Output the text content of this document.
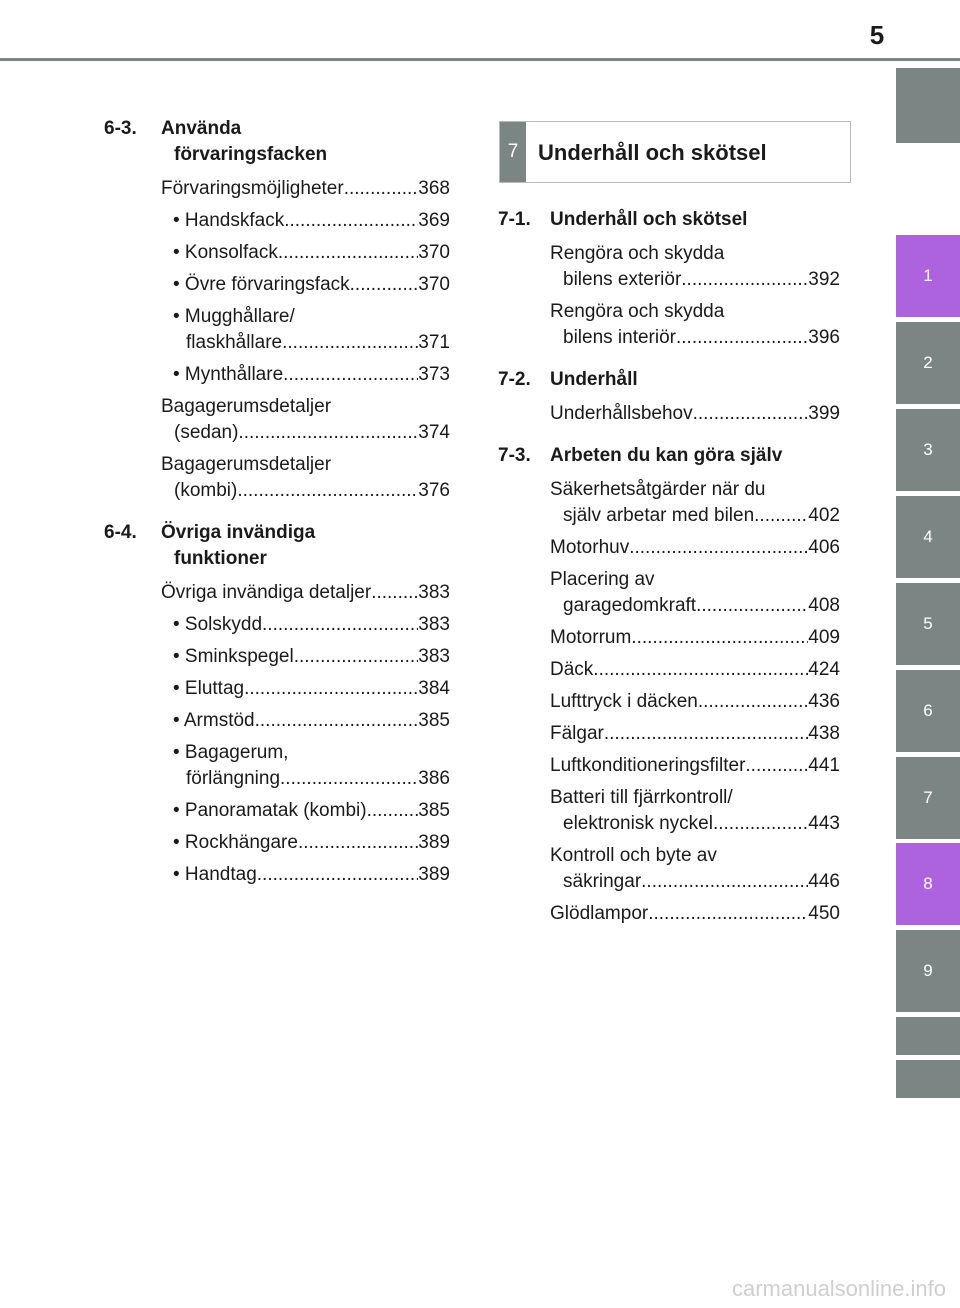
5
1
2
3
4
5
6
7
8
9
6-3. Använda
förvaringsfacken
Förvaringsmöjligheter .....	368
• Handskfack .....	369
• Konsolfack .....	370
• Övre förvaringsfack .....	370
• Mugghållare/
flaskhållare .....	371
• Mynthållare .....	373
Bagagerumsdetaljer
(sedan) .....	374
Bagagerumsdetaljer
(kombi) .....	376
6-4. Övriga invändiga
funktioner
Övriga invändiga detaljer ..... 383
• Solskydd .....	383
• Sminkspegel .....	383
• Eluttag .....	384
• Armstöd .....	385
• Bagagerum,
förlängning .....	386
• Panoramatak (kombi) .....	385
• Rockhängare .....	389
• Handtag .....	389
7 Underhåll och skötsel
7-1. Underhåll och skötsel
Rengöra och skydda
bilens exteriör .....	392
Rengöra och skydda
bilens interiör .....	396
7-2. Underhåll
Underhållsbehov .....	399
7-3. Arbeten du kan göra själv
Säkerhetsåtgärder när du
själv arbetar med bilen .....	402
Motorhuv .....	406
Placering av
garagedomkraft .....	408
Motorrum .....	409
Däck .....	424
Lufttryck i däcken .....	436
Fälgar .....	438
Luftkonditioneringsfilter .....	441
Batteri till fjärrkontroll/
elektronisk nyckel .....	443
Kontroll och byte av
säkringar .....	446
Glödlampor .....	450
carmanualsonline.info
